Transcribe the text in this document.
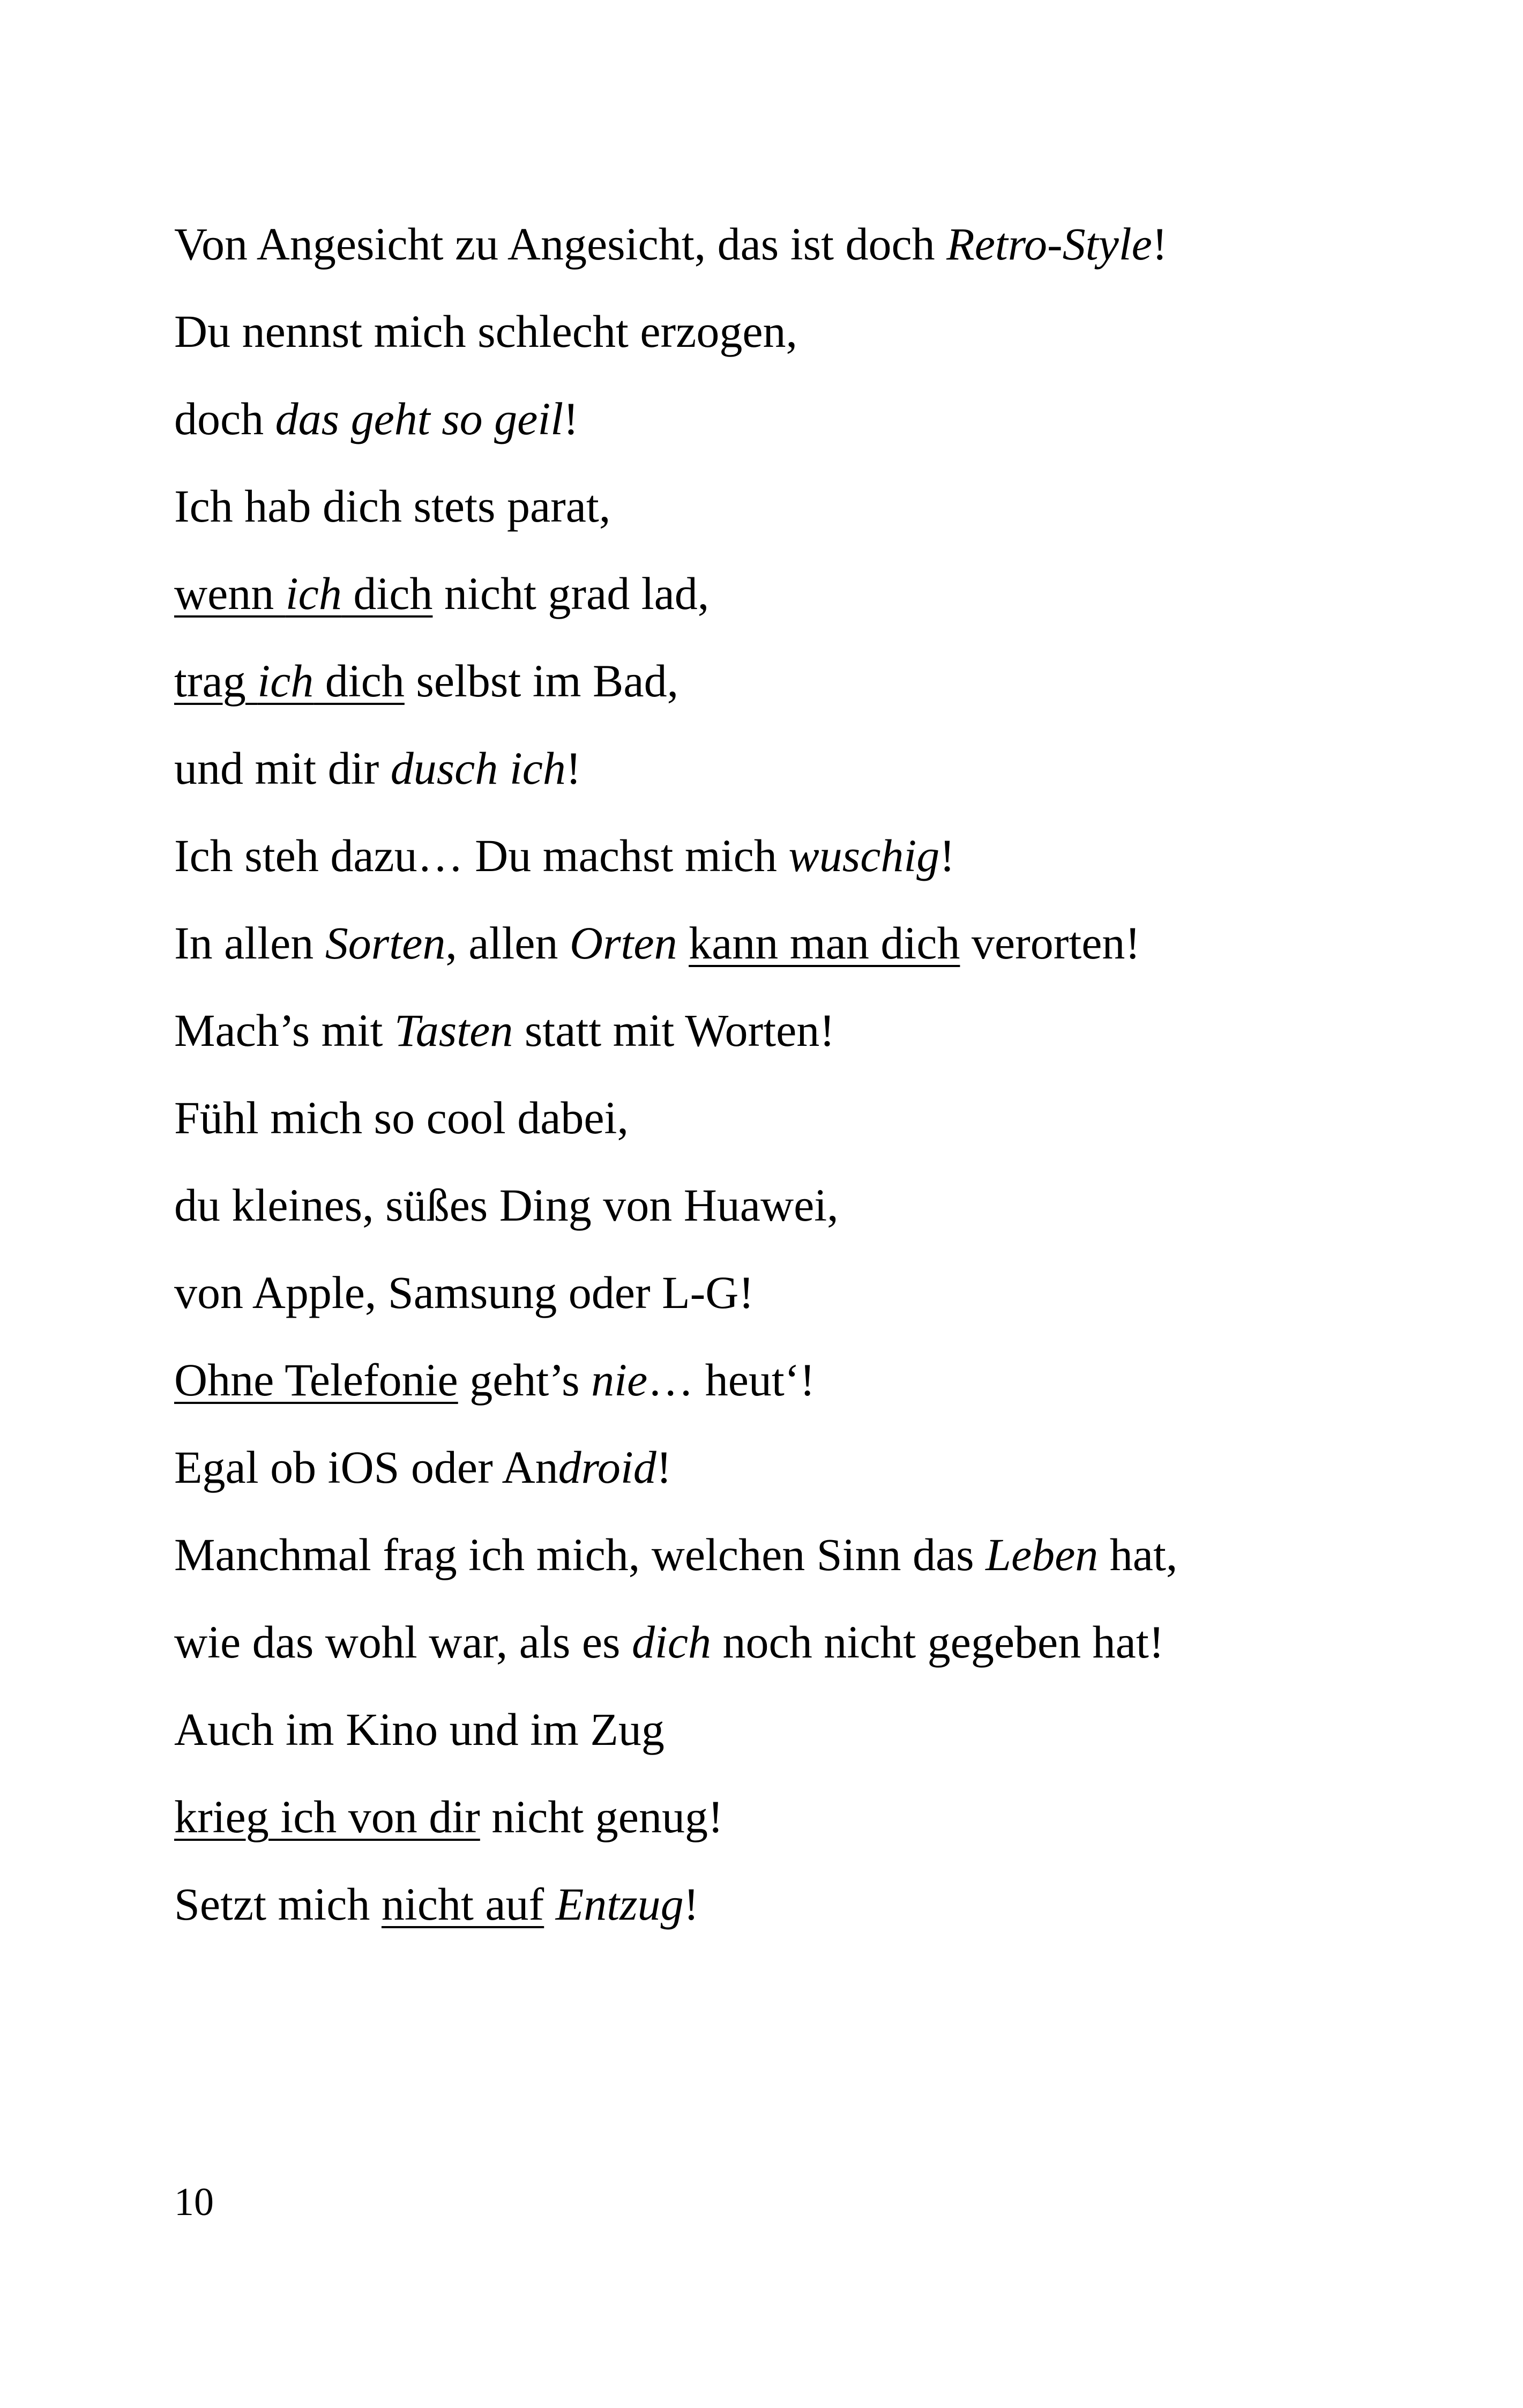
Von Angesicht zu Angesicht, das ist doch Retro-Style!
Du nennst mich schlecht erzogen,
doch das geht so geil!
Ich hab dich stets parat,
wenn ich dich nicht grad lad,
trag ich dich selbst im Bad,
und mit dir dusch ich!
Ich steh dazu… Du machst mich wuschig!
In allen Sorten, allen Orten kann man dich verorten!
Mach’s mit Tasten statt mit Worten!
Fühl mich so cool dabei,
du kleines, süßes Ding von Huawei,
von Apple, Samsung oder L-G!
Ohne Telefonie geht’s nie… heut‘!
Egal ob iOS oder Android!
Manchmal frag ich mich, welchen Sinn das Leben hat,
wie das wohl war, als es dich noch nicht gegeben hat!
Auch im Kino und im Zug
krieg ich von dir nicht genug!
Setzt mich nicht auf Entzug!
10
